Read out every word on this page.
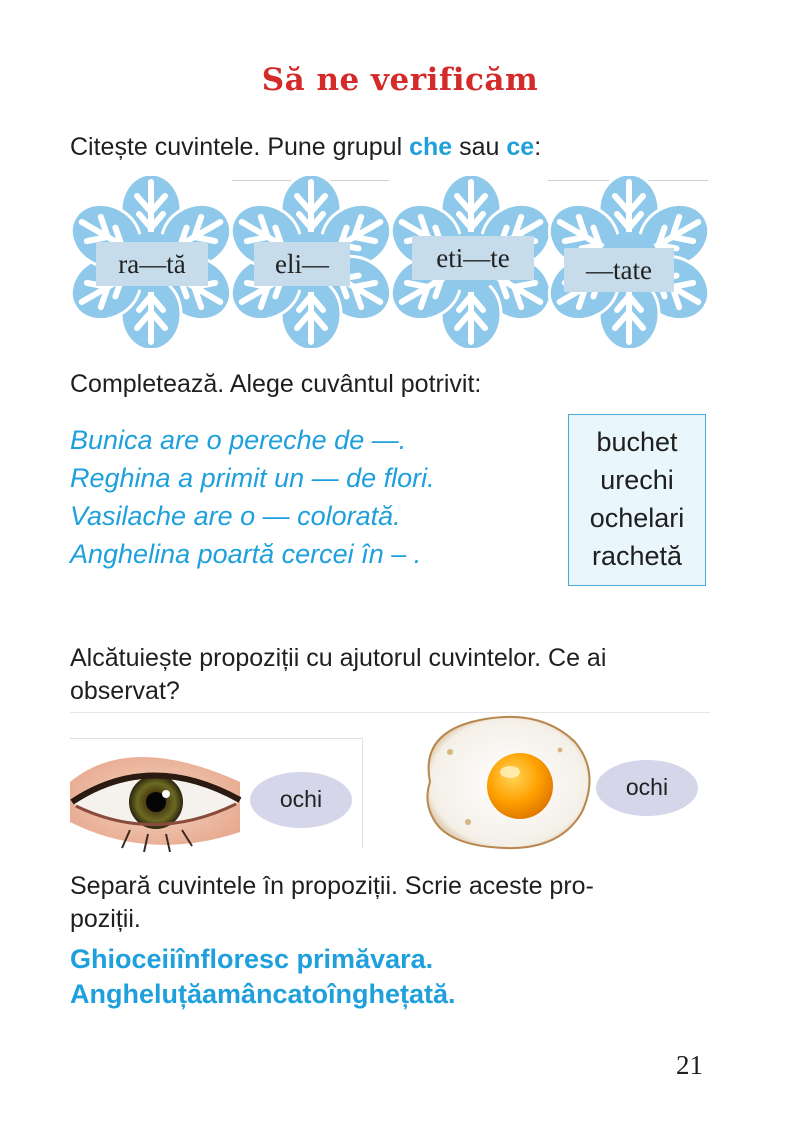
Să ne verificăm
Citește cuvintele. Pune grupul che sau ce:
ra—tă	eli—	eti—te	—tate
Completează. Alege cuvântul potrivit:
Bunica are o pereche de —.
Reghina a primit un — de flori.
Vasilache are o — colorată.
Anghelina poartă cercei în – .
buchet
urechi
ochelari
rachetă
Alcătuiește propoziții cu ajutorul cuvintelor. Ce ai
observat?
ochi	ochi
Separă cuvintele în propoziții. Scrie aceste pro-
poziții.
Ghioceiiînfloresc primăvara.
Angheluțăamâncatoînghețată.
21
